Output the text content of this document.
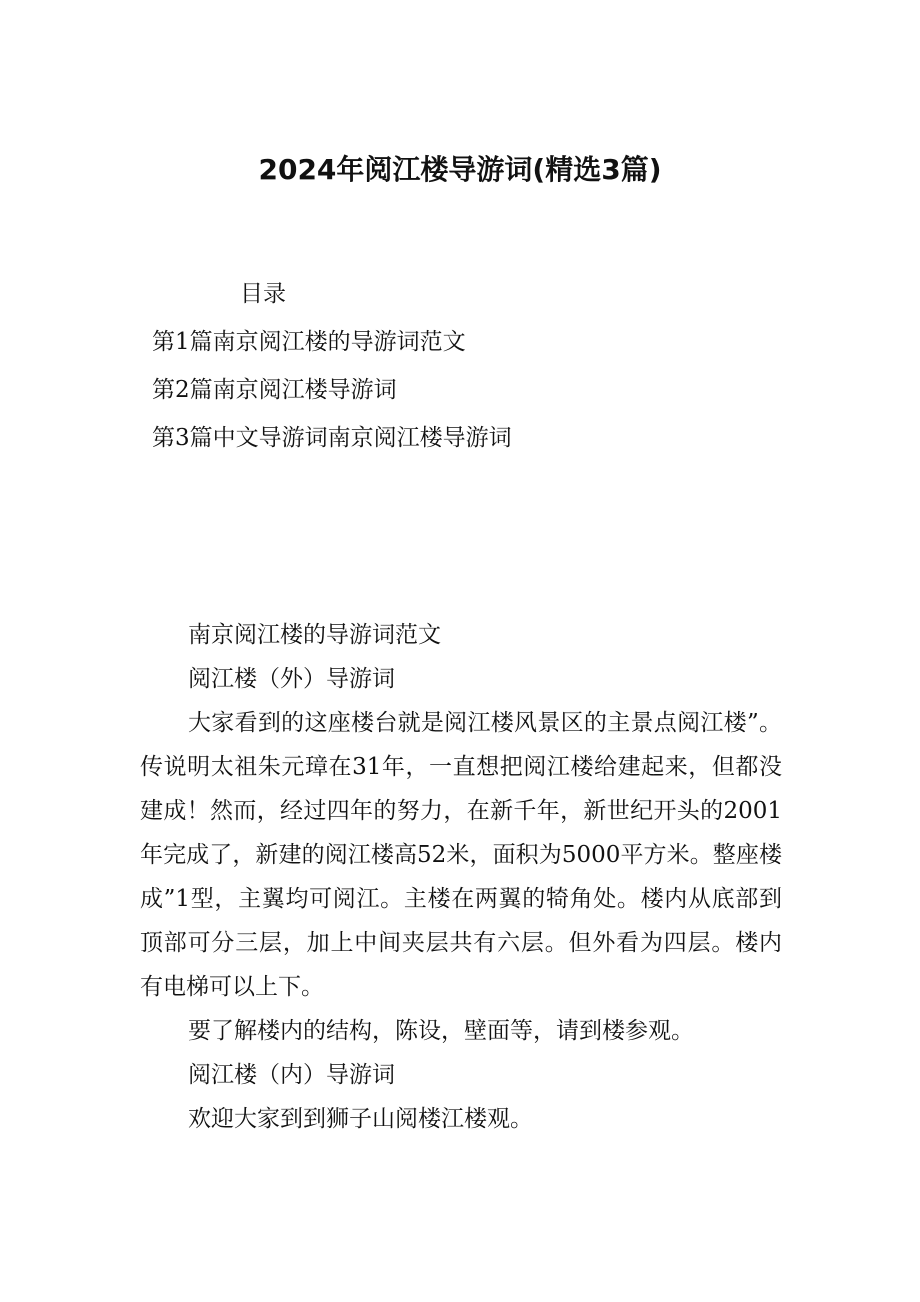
2024年阅江楼导游词(精选3篇)
目录
第1篇南京阅江楼的导游词范文
第2篇南京阅江楼导游词
第3篇中文导游词南京阅江楼导游词

南京阅江楼的导游词范文

阅江楼（外）导游词

大家看到的这座楼台就是阅江楼风景区的主景点阅江楼”。传说明太祖朱元璋在31年，一直想把阅江楼给建起来，但都没建成！然而，经过四年的努力，在新千年，新世纪开头的2001年完成了，新建的阅江楼高52米，面积为5000平方米。整座楼成”1型，主翼均可阅江。主楼在两翼的犄角处。楼内从底部到顶部可分三层，加上中间夹层共有六层。但外看为四层。楼内有电梯可以上下。

要了解楼内的结构，陈设，壁面等，请到楼参观。

阅江楼（内）导游词

欢迎大家到到狮子山阅楼江楼观。
